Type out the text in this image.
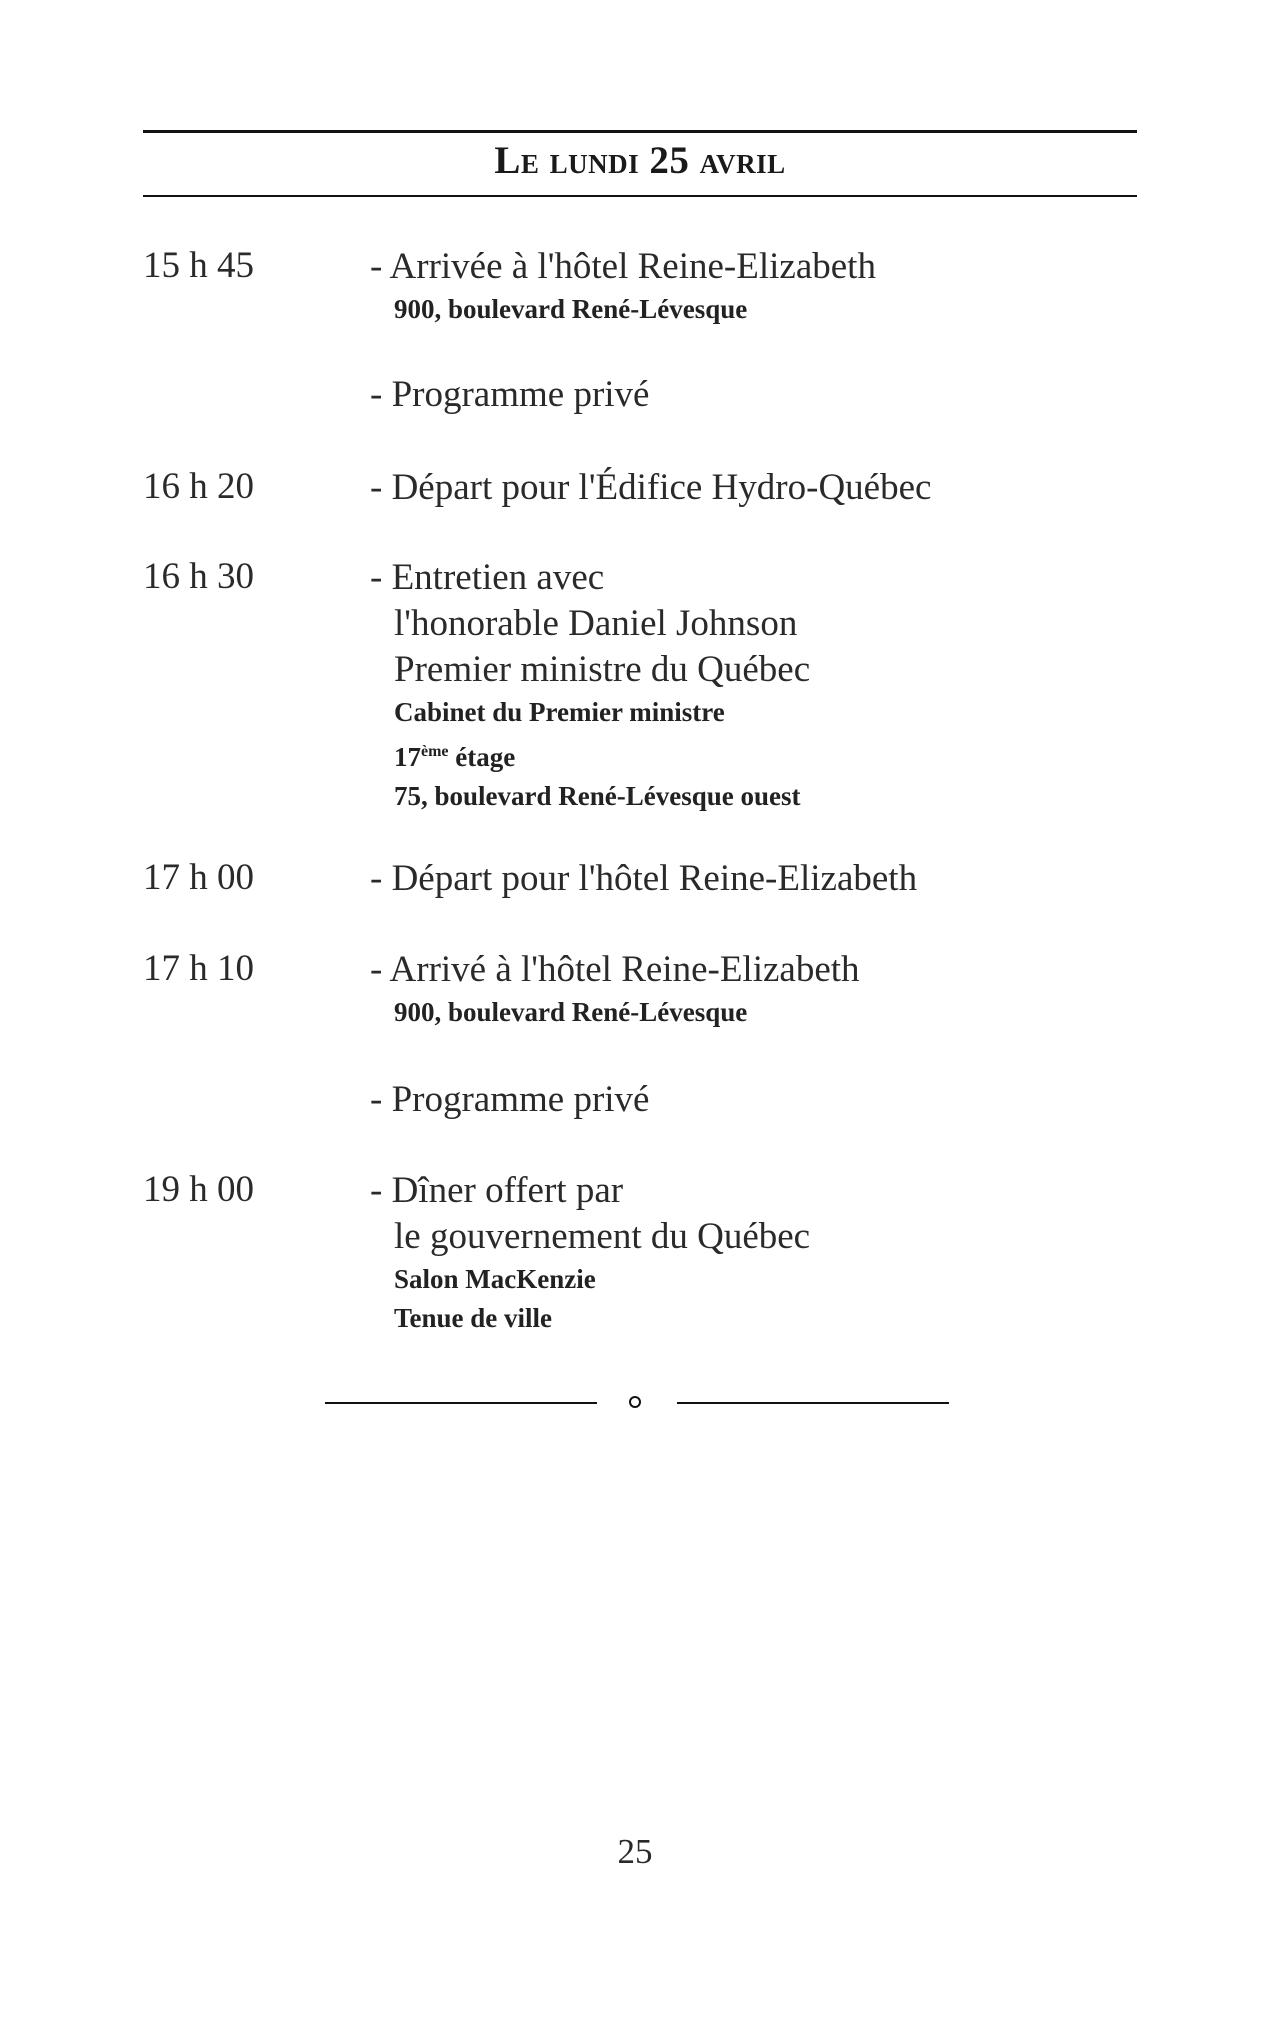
Le lundi 25 avril
15 h 45	- Arrivée à l'hôtel Reine-Elizabeth
900, boulevard René-Lévesque
- Programme privé
16 h 20	- Départ pour l'Édifice Hydro-Québec
16 h 30	- Entretien avec
l'honorable Daniel Johnson
Premier ministre du Québec
Cabinet du Premier ministre
17ème étage
75, boulevard René-Lévesque ouest
17 h 00	- Départ pour l'hôtel Reine-Elizabeth
17 h 10	- Arrivé à l'hôtel Reine-Elizabeth
900, boulevard René-Lévesque
- Programme privé
19 h 00	- Dîner offert par
le gouvernement du Québec
Salon MacKenzie
Tenue de ville
25
